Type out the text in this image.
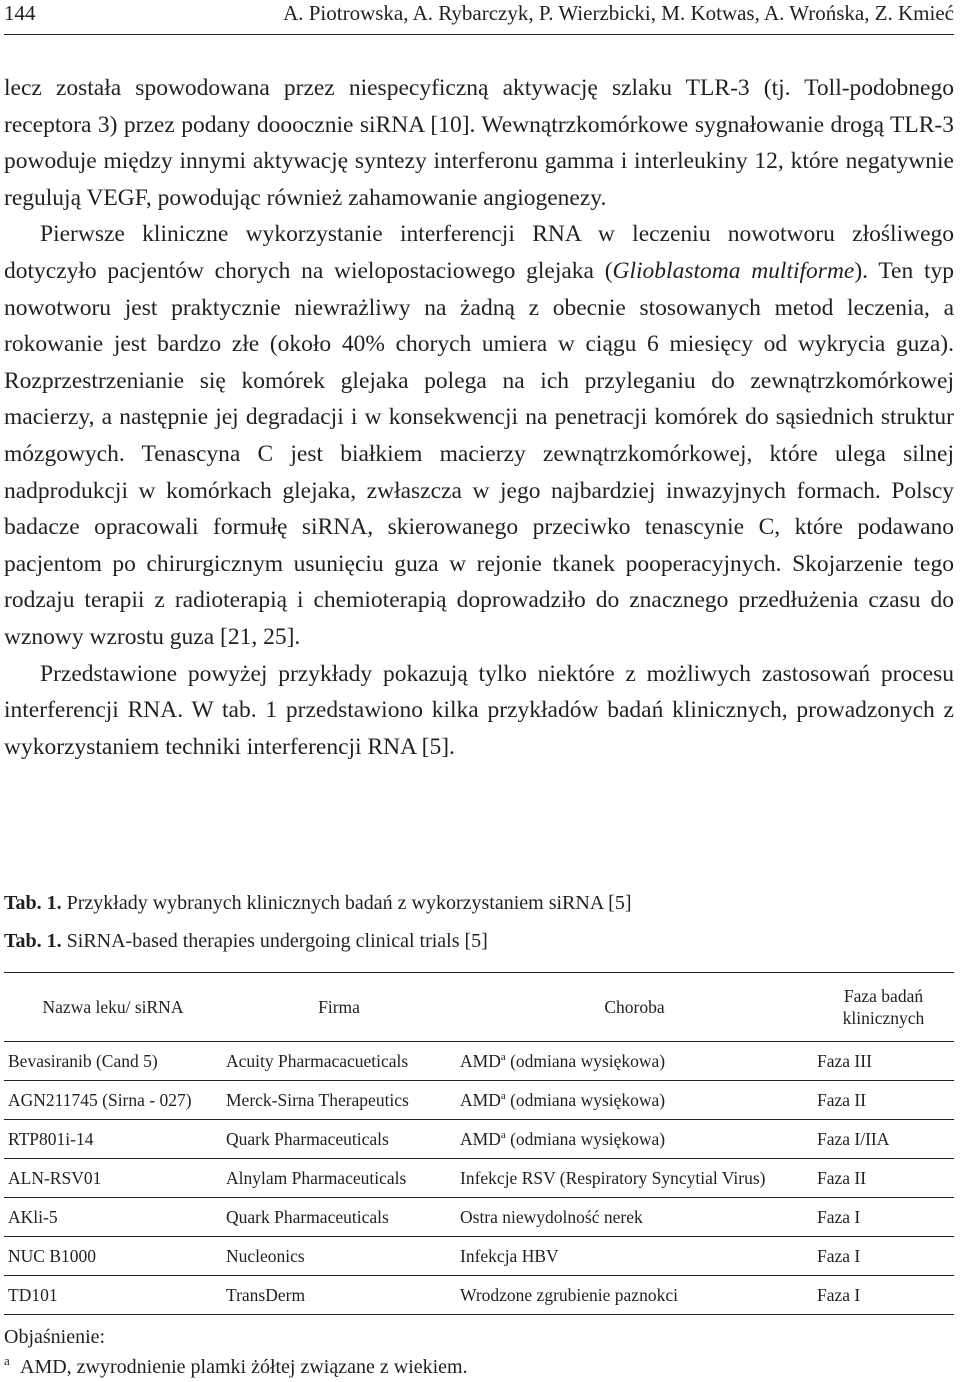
144	A. Piotrowska, A. Rybarczyk, P. Wierzbicki, M. Kotwas, A. Wrońska, Z. Kmieć

lecz została spowodowana przez niespecyficzną aktywację szlaku TLR-3 (tj. Toll-podobnego receptora 3) przez podany dooocznie siRNA [10]. Wewnątrzkomórkowe sygnałowanie drogą TLR-3 powoduje między innymi aktywację syntezy interferonu gamma i interleukiny 12, które negatywnie regulują VEGF, powodując również zahamowanie angiogenezy.

Pierwsze kliniczne wykorzystanie interferencji RNA w leczeniu nowotworu złośliwego dotyczyło pacjentów chorych na wielopostaciowego glejaka (Glioblastoma multiforme). Ten typ nowotworu jest praktycznie niewrażliwy na żadną z obecnie stosowanych metod leczenia, a rokowanie jest bardzo złe (około 40% chorych umiera w ciągu 6 miesięcy od wykrycia guza). Rozprzestrzenianie się komórek glejaka polega na ich przyleganiu do zewnątrzkomórkowej macierzy, a następnie jej degradacji i w konsekwencji na penetracji komórek do sąsiednich struktur mózgowych. Tenascyna C jest białkiem macierzy zewnątrzkomórkowej, które ulega silnej nadprodukcji w komórkach glejaka, zwłaszcza w jego najbardziej inwazyjnych formach. Polscy badacze opracowali formułę siRNA, skierowanego przeciwko tenascynie C, które podawano pacjentom po chirurgicznym usunięciu guza w rejonie tkanek pooperacyjnych. Skojarzenie tego rodzaju terapii z radioterapią i chemioterapią doprowadziło do znacznego przedłużenia czasu do wznowy wzrostu guza [21, 25].

Przedstawione powyżej przykłady pokazują tylko niektóre z możliwych zastosowań procesu interferencji RNA. W tab. 1 przedstawiono kilka przykładów badań klinicznych, prowadzonych z wykorzystaniem techniki interferencji RNA [5].

Tab. 1. Przykłady wybranych klinicznych badań z wykorzystaniem siRNA [5]
Tab. 1. SiRNA-based therapies undergoing clinical trials [5]
Nazwa leku/ siRNA	Firma	Choroba	Faza badań klinicznych
Bevasiranib (Cand 5)	Acuity Pharmacacueticals	AMD$^a$ (odmiana wysiękowa)	Faza III
AGN211745 (Sirna - 027)	Merck-Sirna Therapeutics	AMD$^a$ (odmiana wysiękowa)	Faza II
RTP801i-14	Quark Pharmaceuticals	AMD$^a$ (odmiana wysiękowa)	Faza I/IIA
ALN-RSV01	Alnylam Pharmaceuticals	Infekcje RSV (Respiratory Syncytial Virus)	Faza II
AKli-5	Quark Pharmaceuticals	Ostra niewydolność nerek	Faza I
NUC B1000	Nucleonics	Infekcja HBV	Faza I
TD101	TransDerm	Wrodzone zgrubienie paznokci	Faza I
Objaśnienie:
a AMD, zwyrodnienie plamki żółtej związane z wiekiem.
